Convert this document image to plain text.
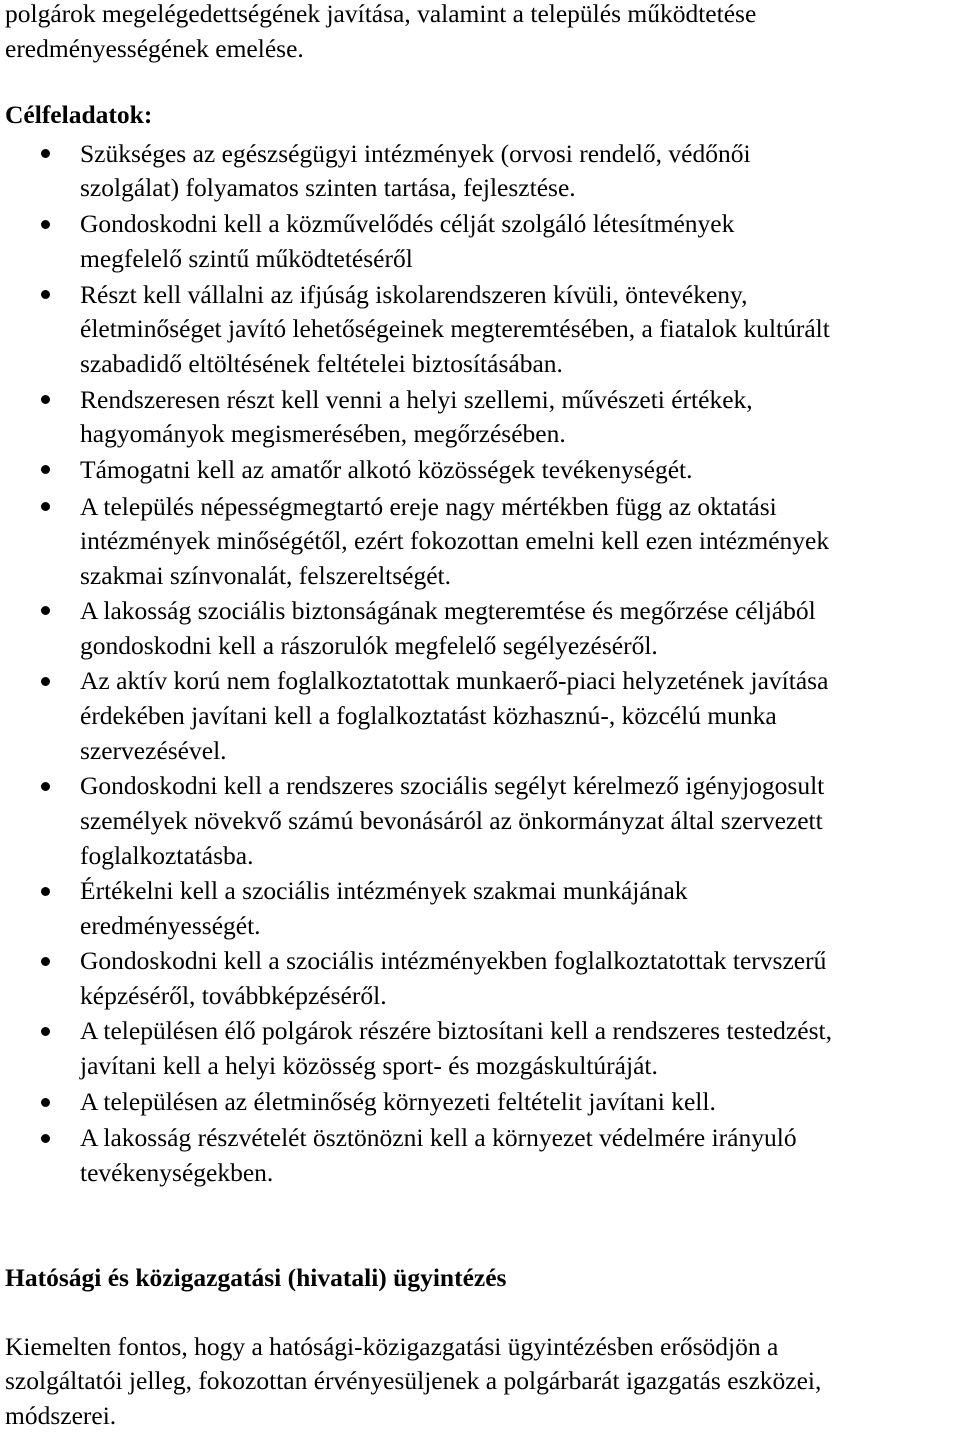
polgárok megelégedettségének javítása, valamint a település működtetése
eredményességének emelése.
Célfeladatok:
Szükséges az egészségügyi intézmények (orvosi rendelő, védőnői
szolgálat) folyamatos szinten tartása, fejlesztése.
Gondoskodni kell a közművelődés célját szolgáló létesítmények
megfelelő szintű működtetéséről
Részt kell vállalni az ifjúság iskolarendszeren kívüli, öntevékeny,
életminőséget javító lehetőségeinek megteremtésében, a fiatalok kultúrált
szabadidő eltöltésének feltételei biztosításában.
Rendszeresen részt kell venni a helyi szellemi, művészeti értékek,
hagyományok megismerésében, megőrzésében.
Támogatni kell az amatőr alkotó közösségek tevékenységét.
A település népességmegtartó ereje nagy mértékben függ az oktatási
intézmények minőségétől, ezért fokozottan emelni kell ezen intézmények
szakmai színvonalát, felszereltségét.
A lakosság szociális biztonságának megteremtése és megőrzése céljából
gondoskodni kell a rászorulók megfelelő segélyezéséről.
Az aktív korú nem foglalkoztatottak munkaerő-piaci helyzetének javítása
érdekében javítani kell a foglalkoztatást közhasznú-, közcélú munka
szervezésével.
Gondoskodni kell a rendszeres szociális segélyt kérelmező igényjogosult
személyek növekvő számú bevonásáról az önkormányzat által szervezett
foglalkoztatásba.
Értékelni kell a szociális intézmények szakmai munkájának
eredményességét.
Gondoskodni kell a szociális intézményekben foglalkoztatottak tervszerű
képzéséről, továbbképzéséről.
A településen élő polgárok részére biztosítani kell a rendszeres testedzést,
javítani kell a helyi közösség sport- és mozgáskultúráját.
A településen az életminőség környezeti feltételit javítani kell.
A lakosság részvételét ösztönözni kell a környezet védelmére irányuló
tevékenységekben.
Hatósági és közigazgatási (hivatali) ügyintézés
Kiemelten fontos, hogy a hatósági-közigazgatási ügyintézésben erősödjön a
szolgáltatói jelleg, fokozottan érvényesüljenek a polgárbarát igazgatás eszközei,
módszerei.
